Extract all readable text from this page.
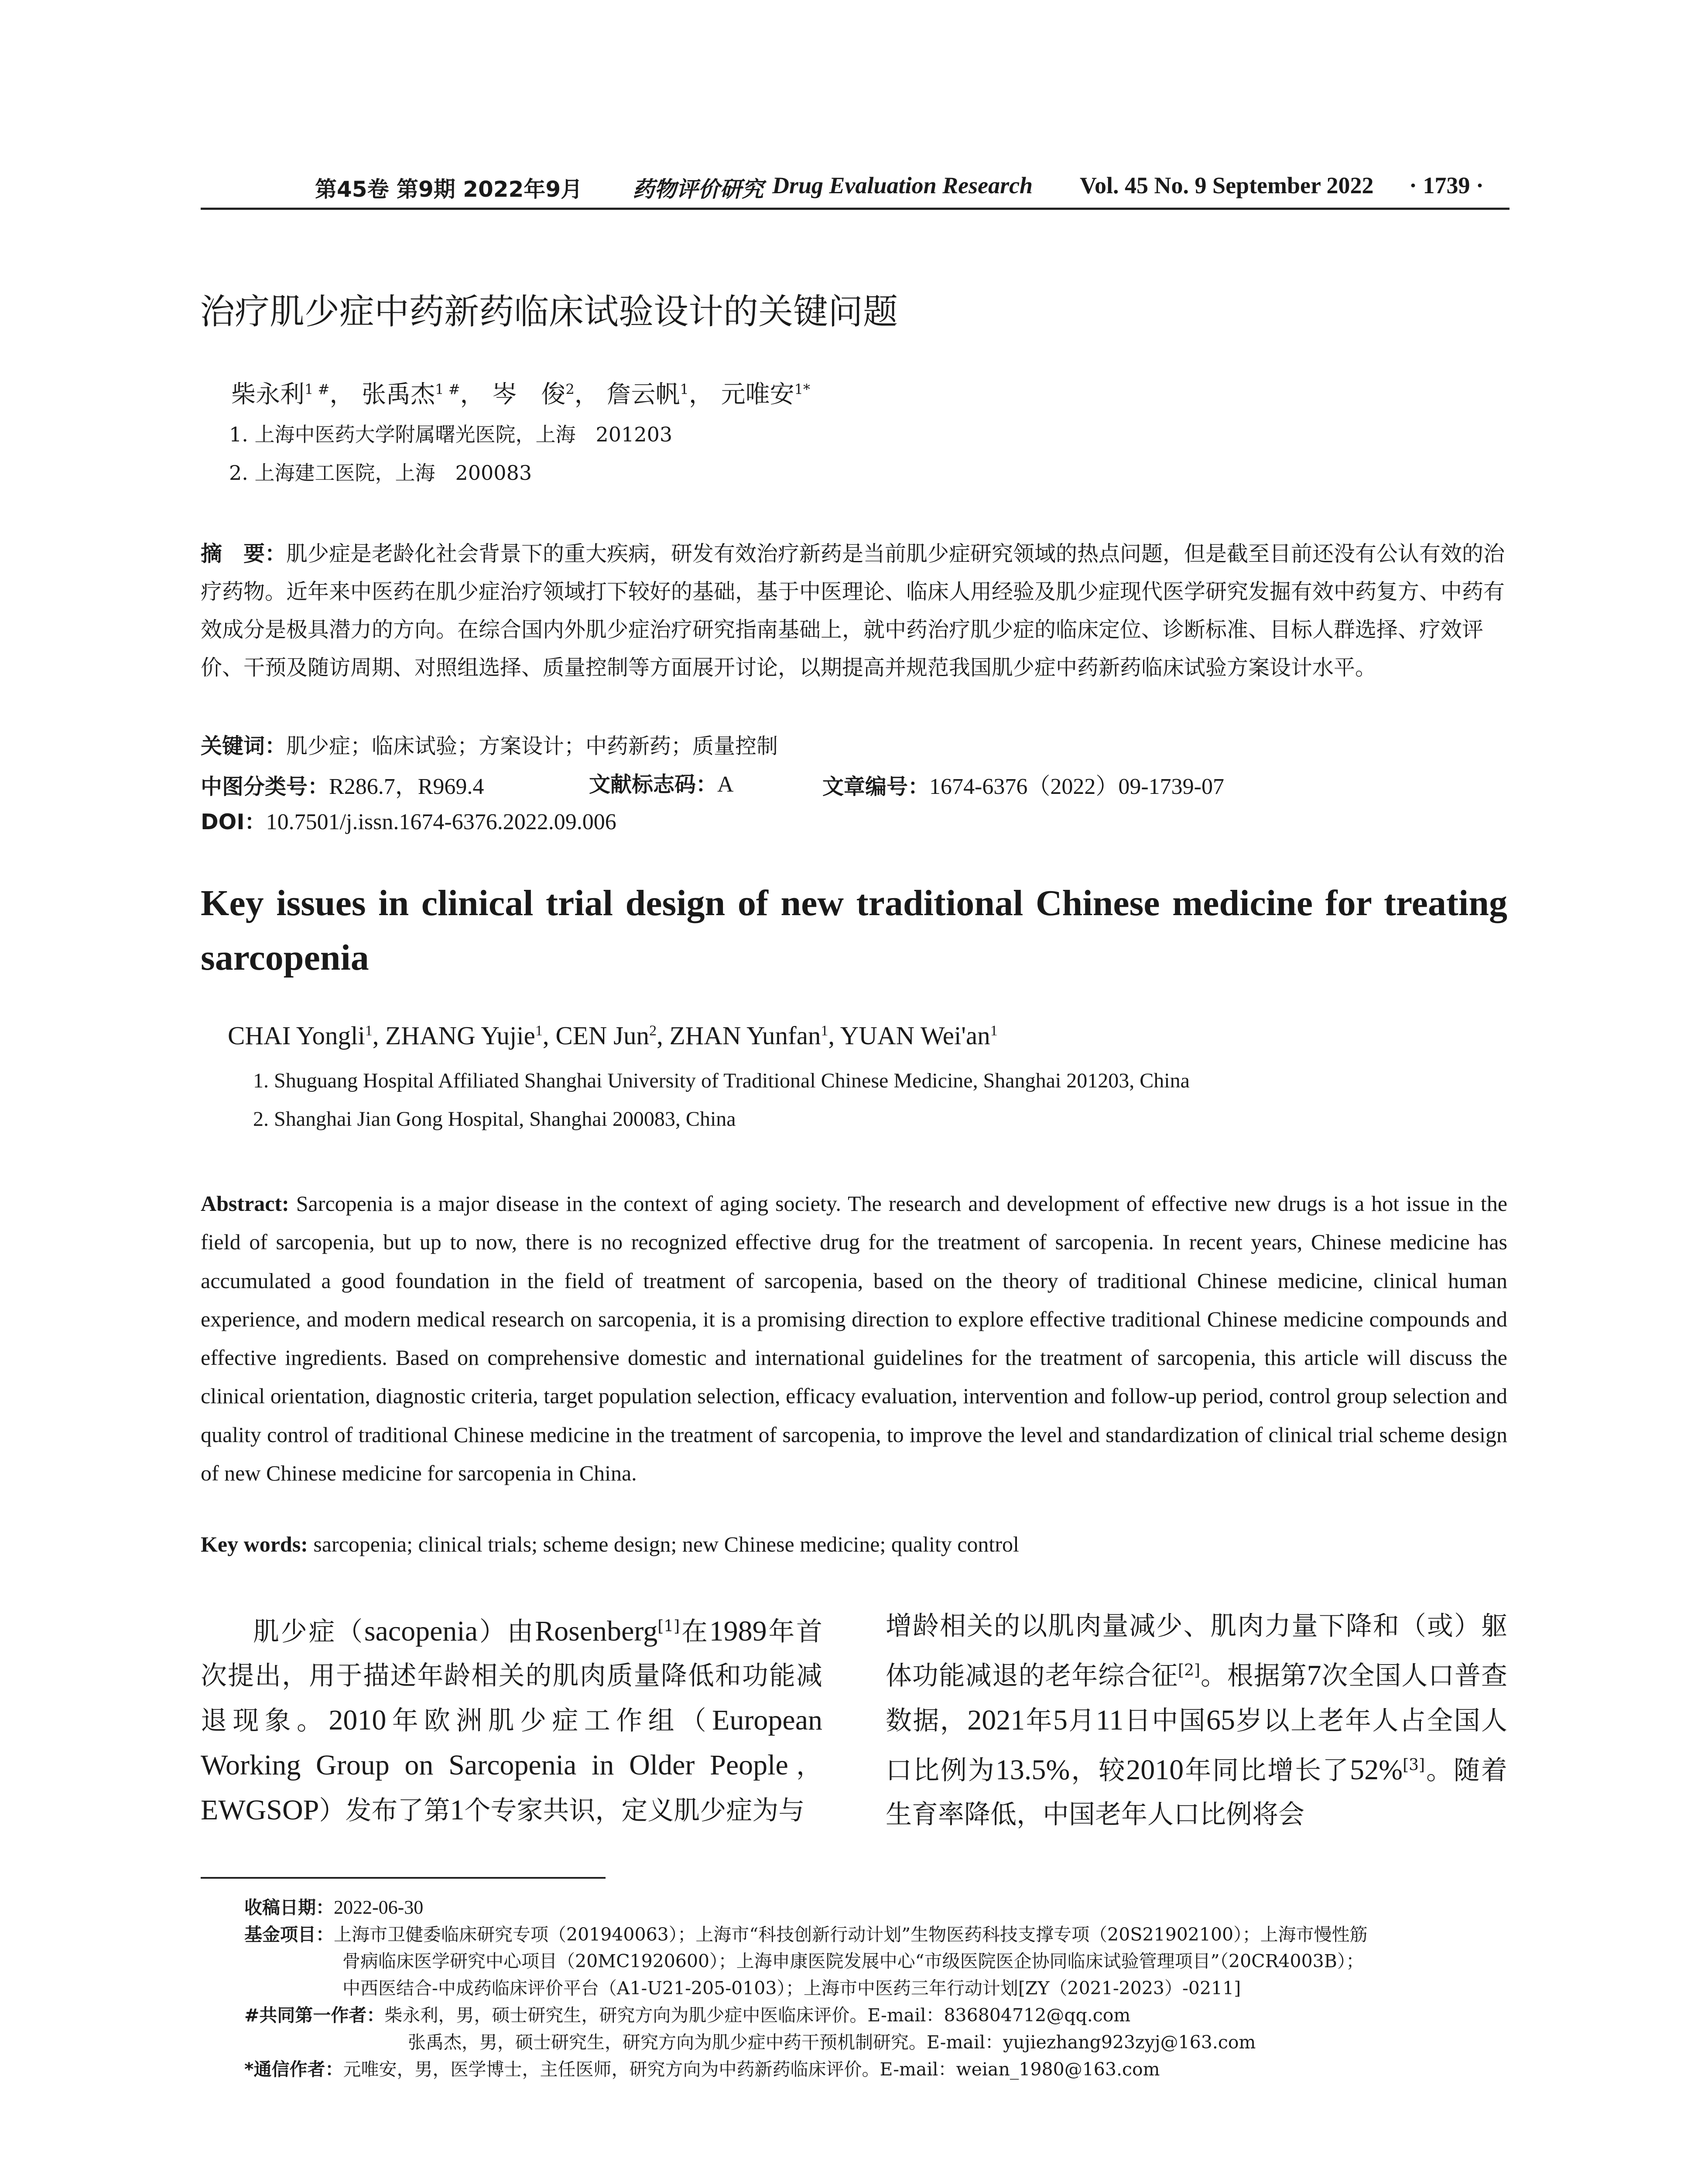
第45卷 第9期 2022年9月 药物评价研究 Drug Evaluation Research Vol. 45 No. 9 September 2022 · 1739 ·
治疗肌少症中药新药临床试验设计的关键问题
柴永利$^{1 \#}$， 张禹杰$^{1 \#}$， 岑　俊$^2$， 詹云帆$^1$， 元唯安$^{1*}$
1. 上海中医药大学附属曙光医院，上海　201203
2. 上海建工医院，上海　200083
摘　要：肌少症是老龄化社会背景下的重大疾病，研发有效治疗新药是当前肌少症研究领域的热点问题，但是截至目前还没有公认有效的治疗药物。近年来中医药在肌少症治疗领域打下较好的基础，基于中医理论、临床人用经验及肌少症现代医学研究发掘有效中药复方、中药有效成分是极具潜力的方向。在综合国内外肌少症治疗研究指南基础上，就中药治疗肌少症的临床定位、诊断标准、目标人群选择、疗效评价、干预及随访周期、对照组选择、质量控制等方面展开讨论，以期提高并规范我国肌少症中药新药临床试验方案设计水平。
关键词：肌少症；临床试验；方案设计；中药新药；质量控制
中图分类号：R286.7，R969.4	文献标志码：A	文章编号：1674-6376（2022）09-1739-07
DOI：10.7501/j.issn.1674-6376.2022.09.006
Key issues in clinical trial design of new traditional Chinese medicine for treating sarcopenia
CHAI Yongli$^1$, ZHANG Yujie$^1$, CEN Jun$^2$, ZHAN Yunfan$^1$, YUAN $Wei'an^1$
1. Shuguang Hospital Affiliated Shanghai University of Traditional Chinese Medicine, Shanghai 201203, China
2. Shanghai Jian Gong Hospital, Shanghai 200083, China
Abstract: Sarcopenia is a major disease in the context of aging society. The research and development of effective new drugs is a hot issue in the field of sarcopenia, but up to now, there is no recognized effective drug for the treatment of sarcopenia. In recent years, Chinese medicine has accumulated a good foundation in the field of treatment of sarcopenia, based on the theory of traditional Chinese medicine, clinical human experience, and modern medical research on sarcopenia, it is a promising direction to explore effective traditional Chinese medicine compounds and effective ingredients. Based on comprehensive domestic and international guidelines for the treatment of sarcopenia, this article will discuss the clinical orientation, diagnostic criteria, target population selection, efficacy evaluation, intervention and follow-up period, control group selection and quality control of traditional Chinese medicine in the treatment of sarcopenia, to improve the level and standardization of clinical trial scheme design of new Chinese medicine for sarcopenia in China.
Key words: sarcopenia; clinical trials; scheme design; new Chinese medicine; quality control
肌少症（sacopenia）由Rosenberg[1]在1989年首次提出，用于描述年龄相关的肌肉质量降低和功能减退现象。2010年欧洲肌少症工作组（European Working Group on Sarcopenia in Older People，EWGSOP）发布了第1个专家共识，定义肌少症为与
增龄相关的以肌肉量减少、肌肉力量下降和（或）躯体功能减退的老年综合征[2]。根据第7次全国人口普查数据，2021年5月11日中国65岁以上老年人占全国人口比例为13.5%，较2010年同比增长了52%[3]。随着生育率降低，中国老年人口比例将会
收稿日期：2022-06-30
基金项目：上海市卫健委临床研究专项（201940063）；上海市“科技创新行动计划”生物医药科技支撑专项（20S21902100）；上海市慢性筋
骨病临床医学研究中心项目（20MC1920600）；上海申康医院发展中心“市级医院医企协同临床试验管理项目”（20CR4003B）；
中西医结合-中成药临床评价平台（A1-U21-205-0103）；上海市中医药三年行动计划[ZY（2021-2023）-0211]
#共同第一作者：柴永利，男，硕士研究生，研究方向为肌少症中医临床评价。E-mail：836804712@qq.com
张禹杰，男，硕士研究生，研究方向为肌少症中药干预机制研究。E-mail：yujiezhang923zyj@163.com
*通信作者：元唯安，男，医学博士，主任医师，研究方向为中药新药临床评价。E-mail：weian_1980@163.com
